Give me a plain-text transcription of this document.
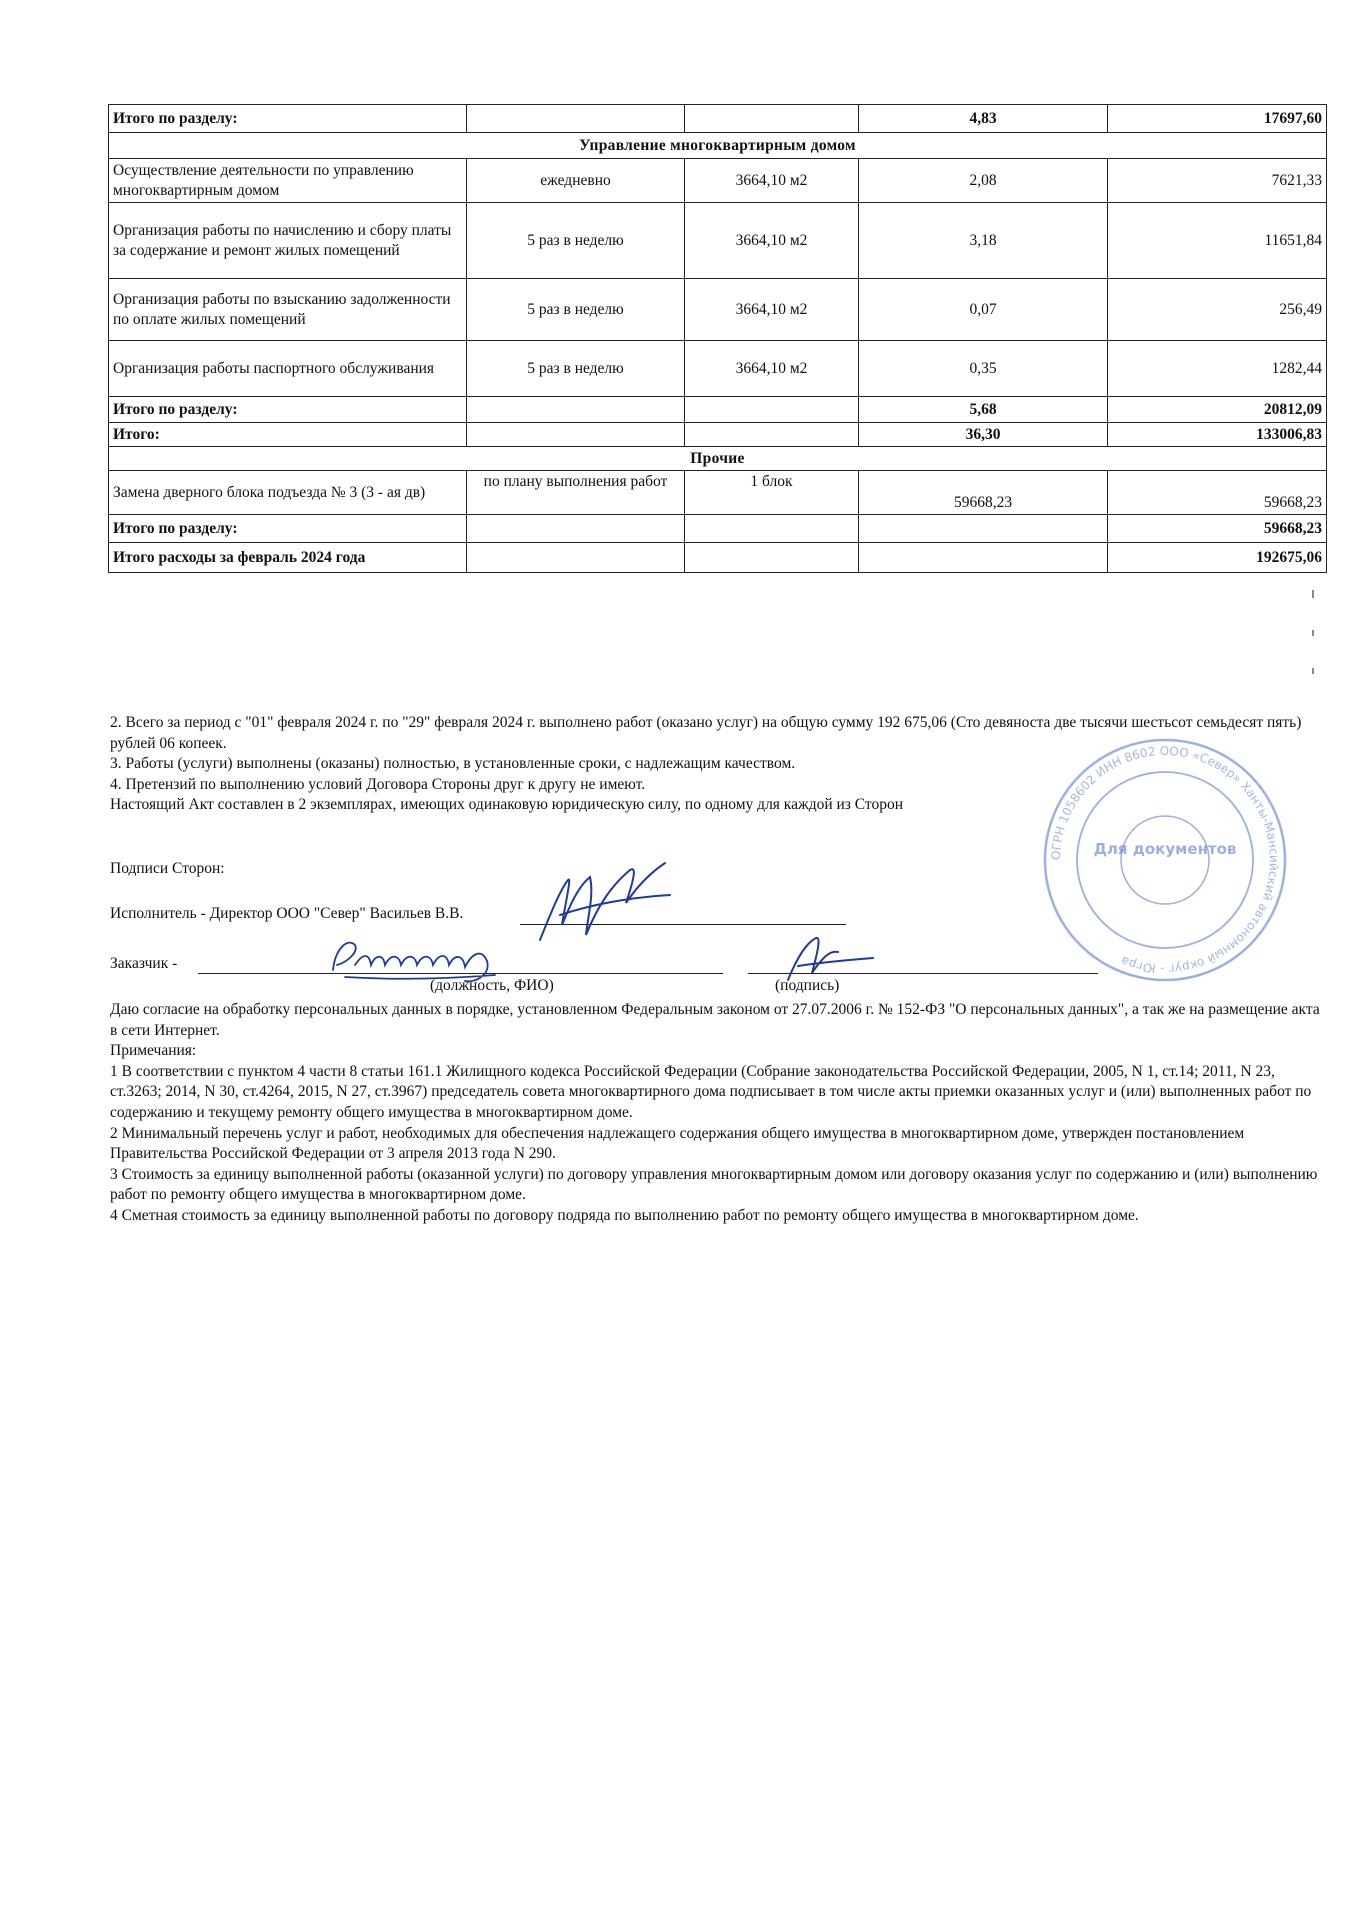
Итого по разделу:			4,83	17697,60
Управление многоквартирным домом				
Осуществление деятельности по управлению многоквартирным домом	ежедневно	3664,10 м2	2,08	7621,33
Организация работы по начислению и сбору платы за содержание и ремонт жилых помещений	5 раз в неделю	3664,10 м2	3,18	11651,84
Организация работы по взысканию задолженности по оплате жилых помещений	5 раз в неделю	3664,10 м2	0,07	256,49
Организация работы паспортного обслуживания	5 раз в неделю	3664,10 м2	0,35	1282,44
Итого по разделу:			5,68	20812,09
Итого:			36,30	133006,83
Прочие				
Замена дверного блока подъезда № 3 (3 - ая дв)	по плану выполнения работ	1 блок	59668,23	59668,23
Итого по разделу:				59668,23
Итого расходы за февраль 2024 года				192675,06

2. Всего за период с "01" февраля 2024 г. по "29" февраля 2024 г. выполнено работ (оказано услуг) на общую сумму 192 675,06 (Сто девяноста две тысячи шестьсот семьдесят пять) рублей 06 копеек.

3. Работы (услуги) выполнены (оказаны) полностью, в установленные сроки, с надлежащим качеством.

4. Претензий по выполнению условий Договора Стороны друг к другу не имеют.

Настоящий Акт составлен в 2 экземплярах, имеющих одинаковую юридическую силу, по одному для каждой из Сторон

Подписи Сторон:
Исполнитель - Директор ООО "Север" Васильев В.В.
Заказчик -
(должность, ФИО)	(подпись)

Даю согласие на обработку персональных данных в порядке, установленном Федеральным законом от 27.07.2006 г. № 152-ФЗ "О персональных данных", а так же на размещение акта в сети Интернет.

Примечания:

1 В соответствии с пунктом 4 части 8 статьи 161.1 Жилищного кодекса Российской Федерации (Собрание законодательства Российской Федерации, 2005, N 1, ст.14; 2011, N 23, ст.3263; 2014, N 30, ст.4264, 2015, N 27, ст.3967) председатель совета многоквартирного дома подписывает в том числе акты приемки оказанных услуг и (или) выполненных работ по содержанию и текущему ремонту общего имущества в многоквартирном доме.

2 Минимальный перечень услуг и работ, необходимых для обеспечения надлежащего содержания общего имущества в многоквартирном доме, утвержден постановлением Правительства Российской Федерации от 3 апреля 2013 года N 290.

3 Стоимость за единицу выполненной работы (оказанной услуги) по договору управления многоквартирным домом или договору оказания услуг по содержанию и (или) выполнению работ по ремонту общего имущества в многоквартирном доме.

4 Сметная стоимость за единицу выполненной работы по договору подряда по выполнению работ по ремонту общего имущества в многоквартирном доме.

ОГРН 1058602 ИНН 8602 ООО «Север» Ханты-Мансийский автономный округ - Югра
Для документов
